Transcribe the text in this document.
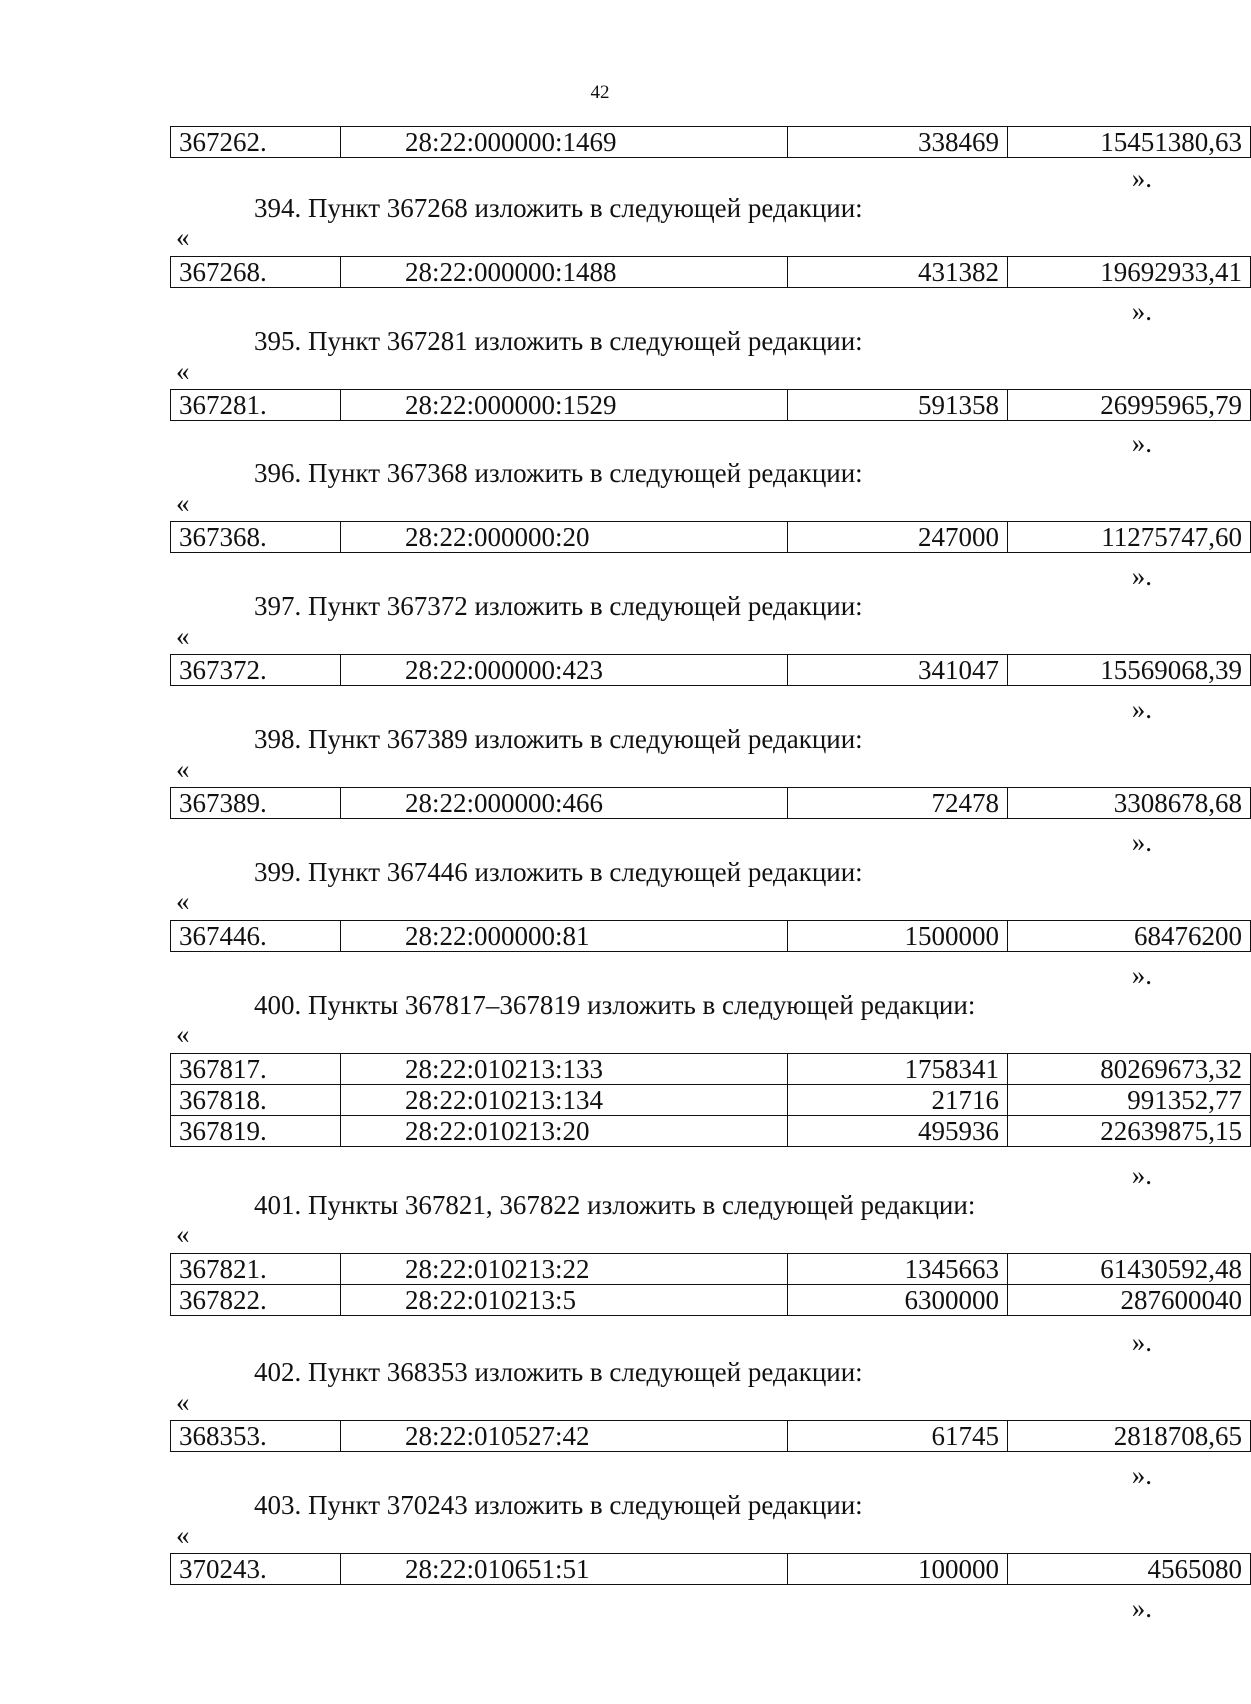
42
367262.	28:22:000000:1469	338469	15451380,63
».
394. Пункт 367268 изложить в следующей редакции:
«
367268.	28:22:000000:1488	431382	19692933,41
».
395. Пункт 367281 изложить в следующей редакции:
«
367281.	28:22:000000:1529	591358	26995965,79
».
396. Пункт 367368 изложить в следующей редакции:
«
367368.	28:22:000000:20	247000	11275747,60
».
397. Пункт 367372 изложить в следующей редакции:
«
367372.	28:22:000000:423	341047	15569068,39
».
398. Пункт 367389 изложить в следующей редакции:
«
367389.	28:22:000000:466	72478	3308678,68
».
399. Пункт 367446 изложить в следующей редакции:
«
367446.	28:22:000000:81	1500000	68476200
».
400. Пункты 367817–367819 изложить в следующей редакции:
«
367817.	28:22:010213:133	1758341	80269673,32
367818.	28:22:010213:134	21716	991352,77
367819.	28:22:010213:20	495936	22639875,15
».
401. Пункты 367821, 367822 изложить в следующей редакции:
«
367821.	28:22:010213:22	1345663	61430592,48
367822.	28:22:010213:5	6300000	287600040
».
402. Пункт 368353 изложить в следующей редакции:
«
368353.	28:22:010527:42	61745	2818708,65
».
403. Пункт 370243 изложить в следующей редакции:
«
370243.	28:22:010651:51	100000	4565080
».
